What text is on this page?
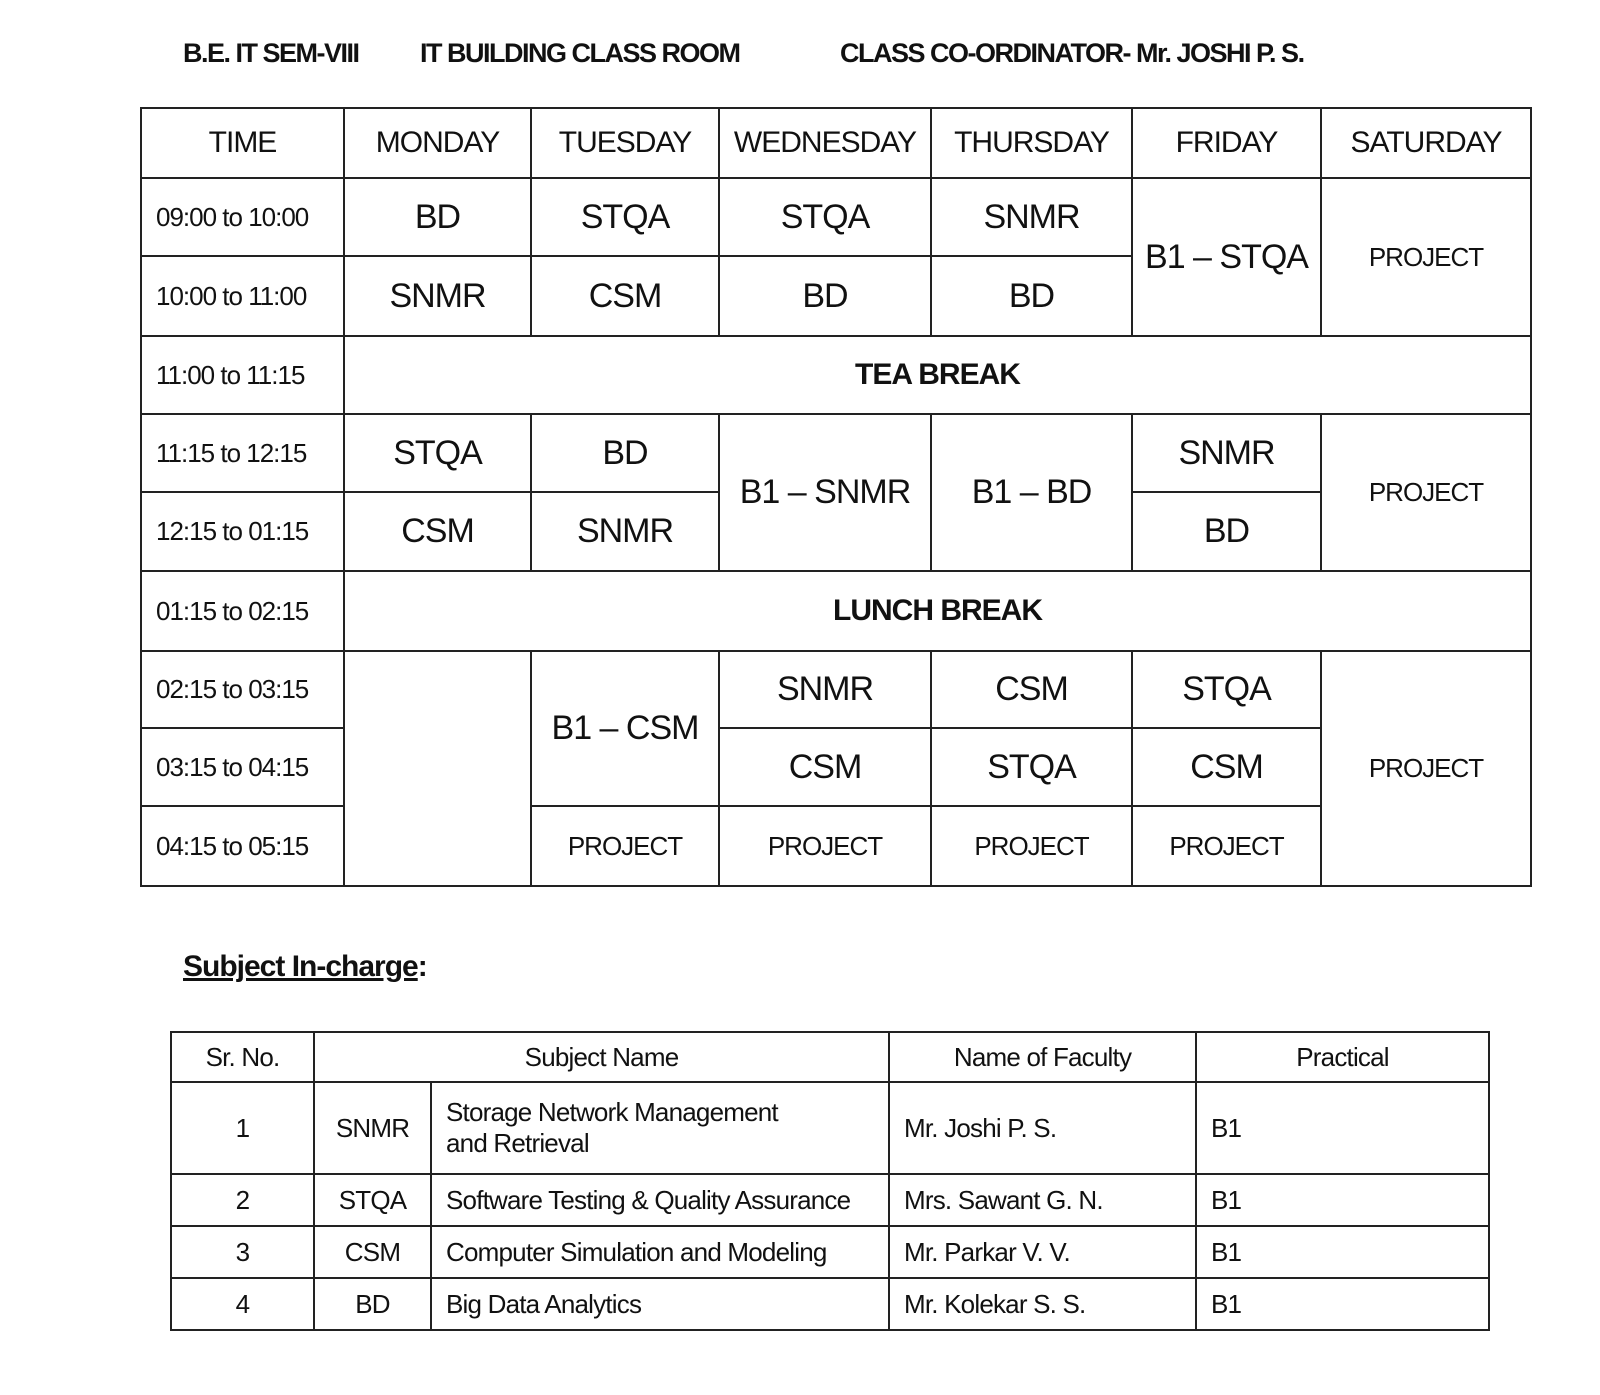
B.E. IT SEM-VIII IT BUILDING CLASS ROOM	CLASS CO-ORDINATOR- Mr. JOSHI P. S.
TIME	MONDAY	TUESDAY	WEDNESDAY	THURSDAY	FRIDAY	SATURDAY
09:00 to 10:00	BD	STQA	STQA	SNMR	B1 – STQA	PROJECT
10:00 to 11:00	SNMR	CSM	BD	BD		
11:00 to 11:15	TEA BREAK					
11:15 to 12:15	STQA	BD	B1 – SNMR	B1 – BD	SNMR	PROJECT
12:15 to 01:15	CSM	SNMR			BD	
01:15 to 02:15	LUNCH BREAK					
02:15 to 03:15		B1 – CSM	SNMR	CSM	STQA	PROJECT
03:15 to 04:15			CSM	STQA	CSM	
04:15 to 05:15		PROJECT	PROJECT	PROJECT	PROJECT	
Subject In-charge:
Sr. No.	Subject Name		Name of Faculty	Practical
1	SNMR	Storage Network Management and Retrieval	Mr. Joshi P. S.	B1
2	STQA	Software Testing & Quality Assurance	Mrs. Sawant G. N.	B1
3	CSM	Computer Simulation and Modeling	Mr. Parkar V. V.	B1
4	BD	Big Data Analytics	Mr. Kolekar S. S.	B1
